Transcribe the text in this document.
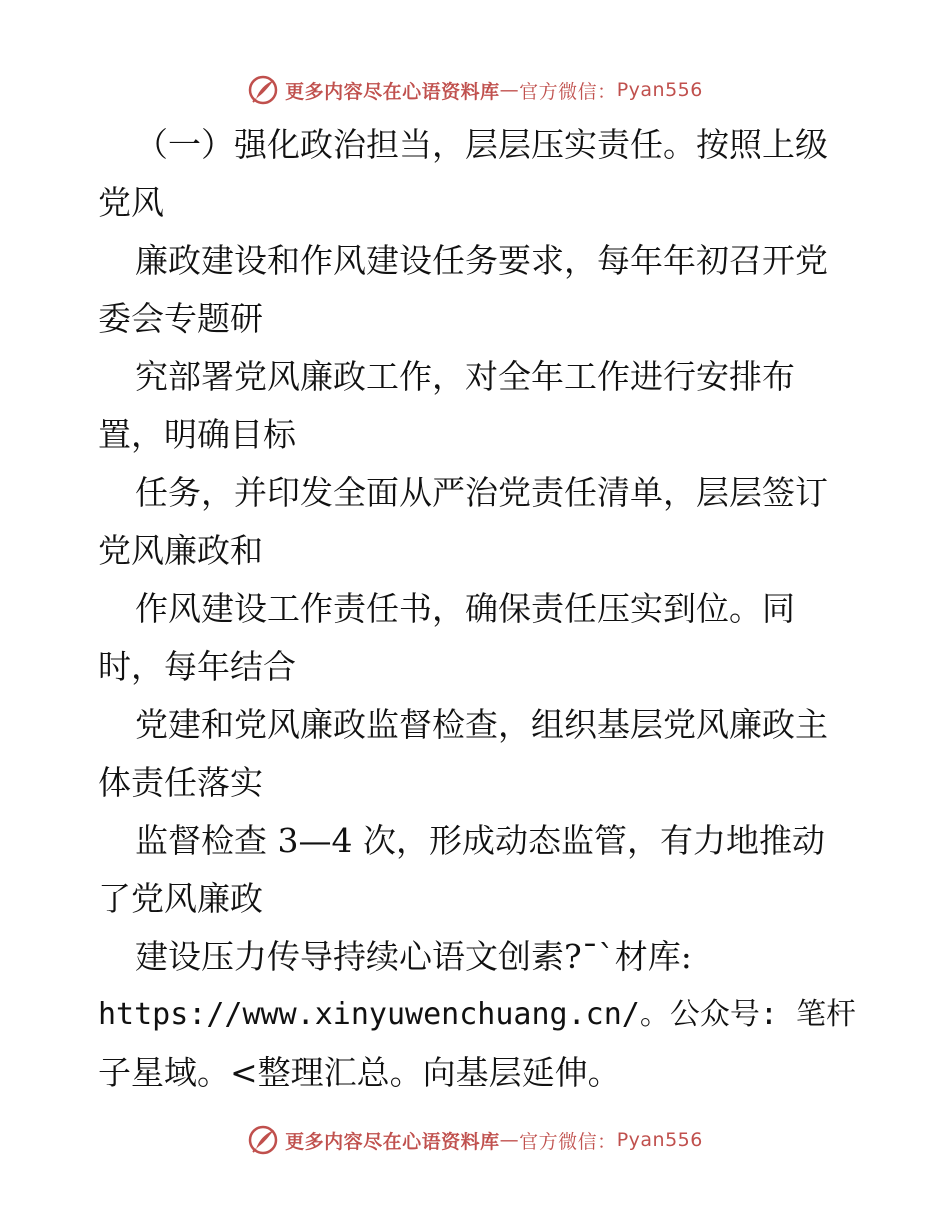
更多内容尽在心语资料库 — 官方微信： Pyan556
（一）强化政治担当，层层压实责任。按照上级
党风
廉政建设和作风建设任务要求，每年年初召开党
委会专题研
究部署党风廉政工作，对全年工作进行安排布
置，明确目标
任务，并印发全面从严治党责任清单，层层签订
党风廉政和
作风建设工作责任书，确保责任压实到位。同
时，每年结合
党建和党风廉政监督检查，组织基层党风廉政主
体责任落实
监督检查 3—4 次，形成动态监管，有力地推动
了党风廉政
建设压力传导持续心语文创素?¯`材库:
https://www.xinyuwenchuang.cn/。公众号: 笔杆
子星域。<整理汇总。向基层延伸。
更多内容尽在心语资料库 — 官方微信： Pyan556
